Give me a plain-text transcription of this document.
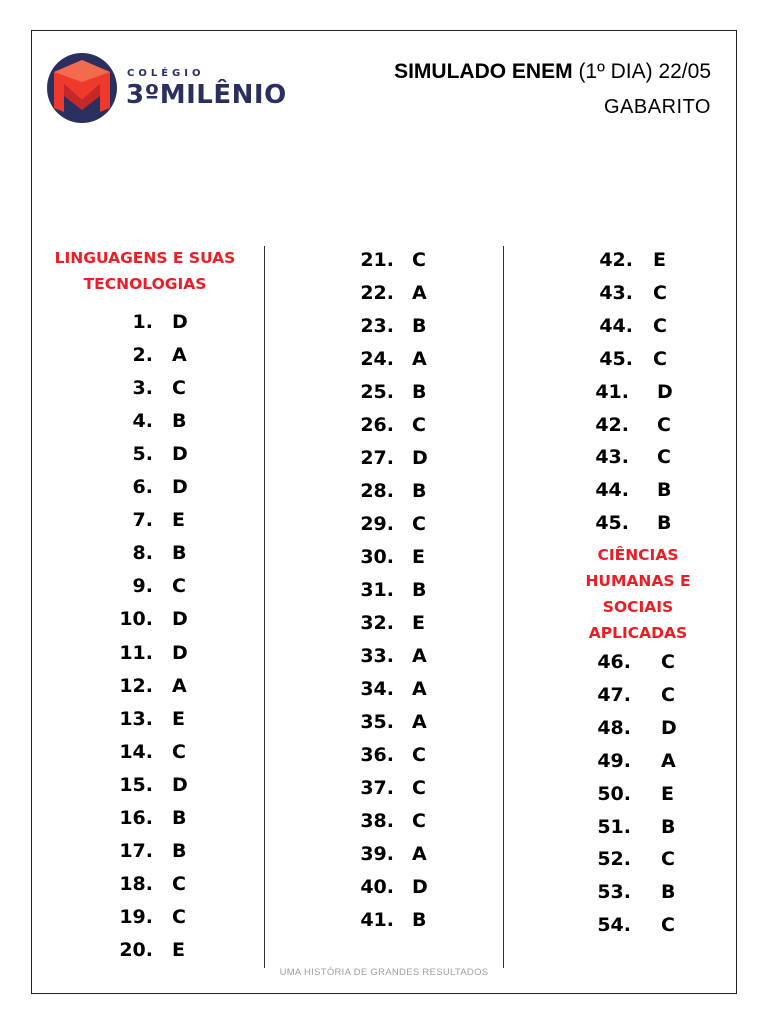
COLÉGIO
3ºMILÊNIO
SIMULADO ENEM (1º DIA) 22/05
GABARITO
LINGUAGENS E SUAS
TECNOLOGIAS
CIÊNCIAS
HUMANAS E
SOCIAIS
APLICADAS
1. D
2. A
3. C
4. B
5. D
6. D
7. E
8. B
9. C
10. D
11. D
12. A
13. E
14. C
15. D
16. B
17. B
18. C
19. C
20. E
21. C
22. A
23. B
24. A
25. B
26. C
27. D
28. B
29. C
30. E
31. B
32. E
33. A
34. A
35. A
36. C
37. C
38. C
39. A
40. D
41. B
42. E
43. C
44. C
45. C
41. D
42. C
43. C
44. B
45. B
46. C
47. C
48. D
49. A
50. E
51. B
52. C
53. B
54. C
UMA HISTÓRIA DE GRANDES RESULTADOS
